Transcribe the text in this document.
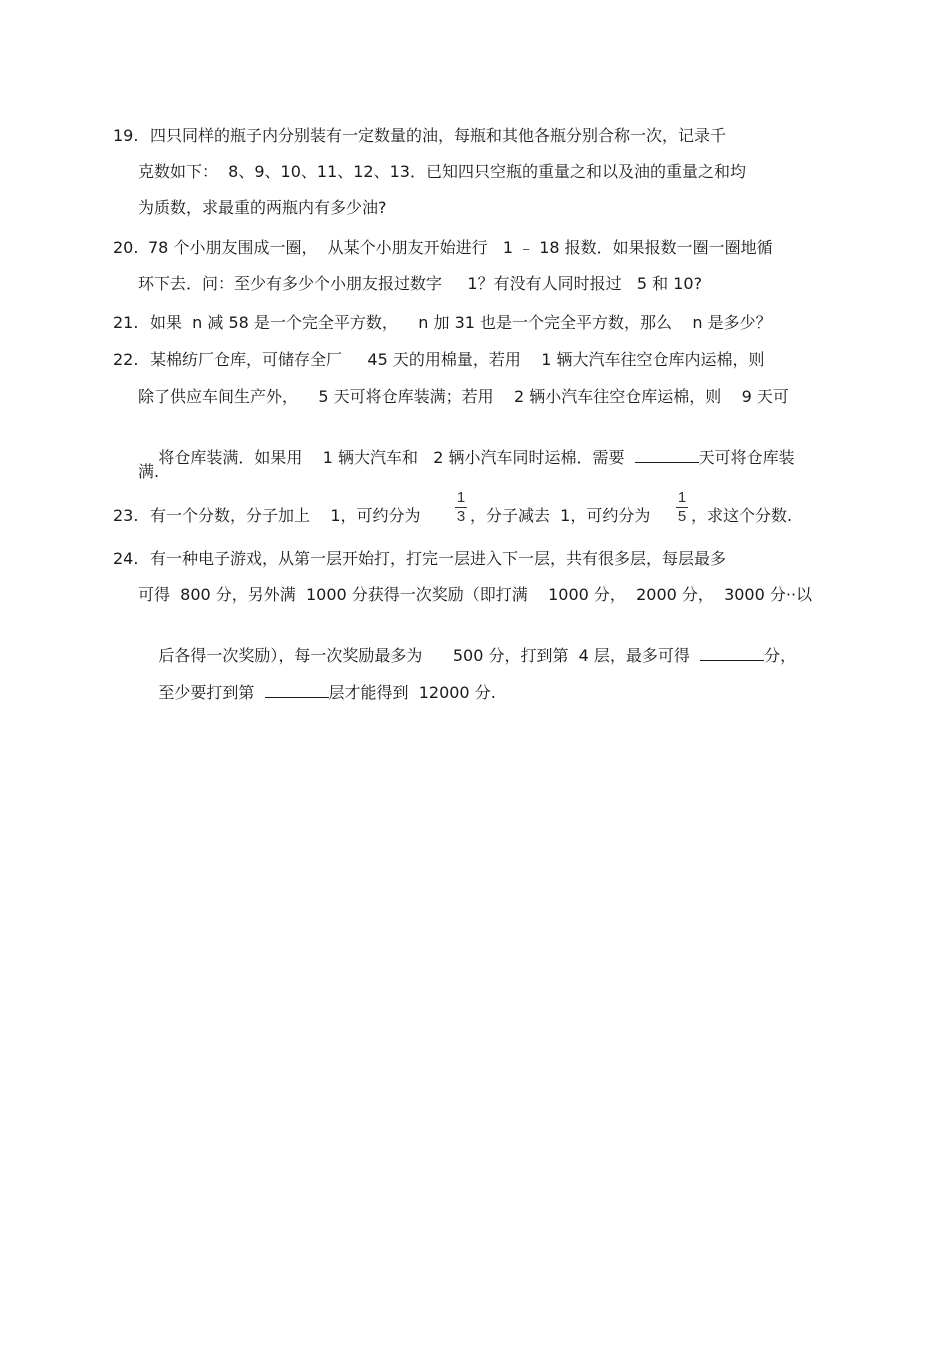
19. 四只同样的瓶子内分别装有一定数量的油，每瓶和其他各瓶分别合称一次，记录千
克数如下：  8、9、10、11、12、13．已知四只空瓶的重量之和以及油的重量之和均
为质数，求最重的两瓶内有多少油?
20. 78 个小朋友围成一圈，  从某个小朋友开始进行   1 ﹣ 18 报数．如果报数一圈一圈地循
环下去．问：至少有多少个小朋友报过数字     1？有没有人同时报过   5 和 10?
21. 如果  n 减 58 是一个完全平方数，    n 加 31 也是一个完全平方数，那么    n 是多少？
22. 某棉纺厂仓库，可储存全厂     45 天的用棉量，若用    1 辆大汽车往空仓库内运棉，则
除了供应车间生产外，    5 天可将仓库装满；若用    2 辆小汽车往空仓库运棉，则    9 天可

将仓库装满．如果用    1 辆大汽车和   2 辆小汽车同时运棉．需要	天可将仓库装

满.
23. 有一个分数，分子加上    1，可约分为
1
3 ，分子减去  1，可约分为
1
5 ，求这个分数.
24. 有一种电子游戏，从第一层开始打，打完一层进入下一层，共有很多层，每层最多
可得  800 分，另外满  1000 分获得一次奖励（即打满    1000 分，  2000 分，  3000 分··以

后各得一次奖励），每一次奖励最多为      500 分，打到第  4 层，最多可得	分，

至少要打到第	层才能得到  12000 分.
